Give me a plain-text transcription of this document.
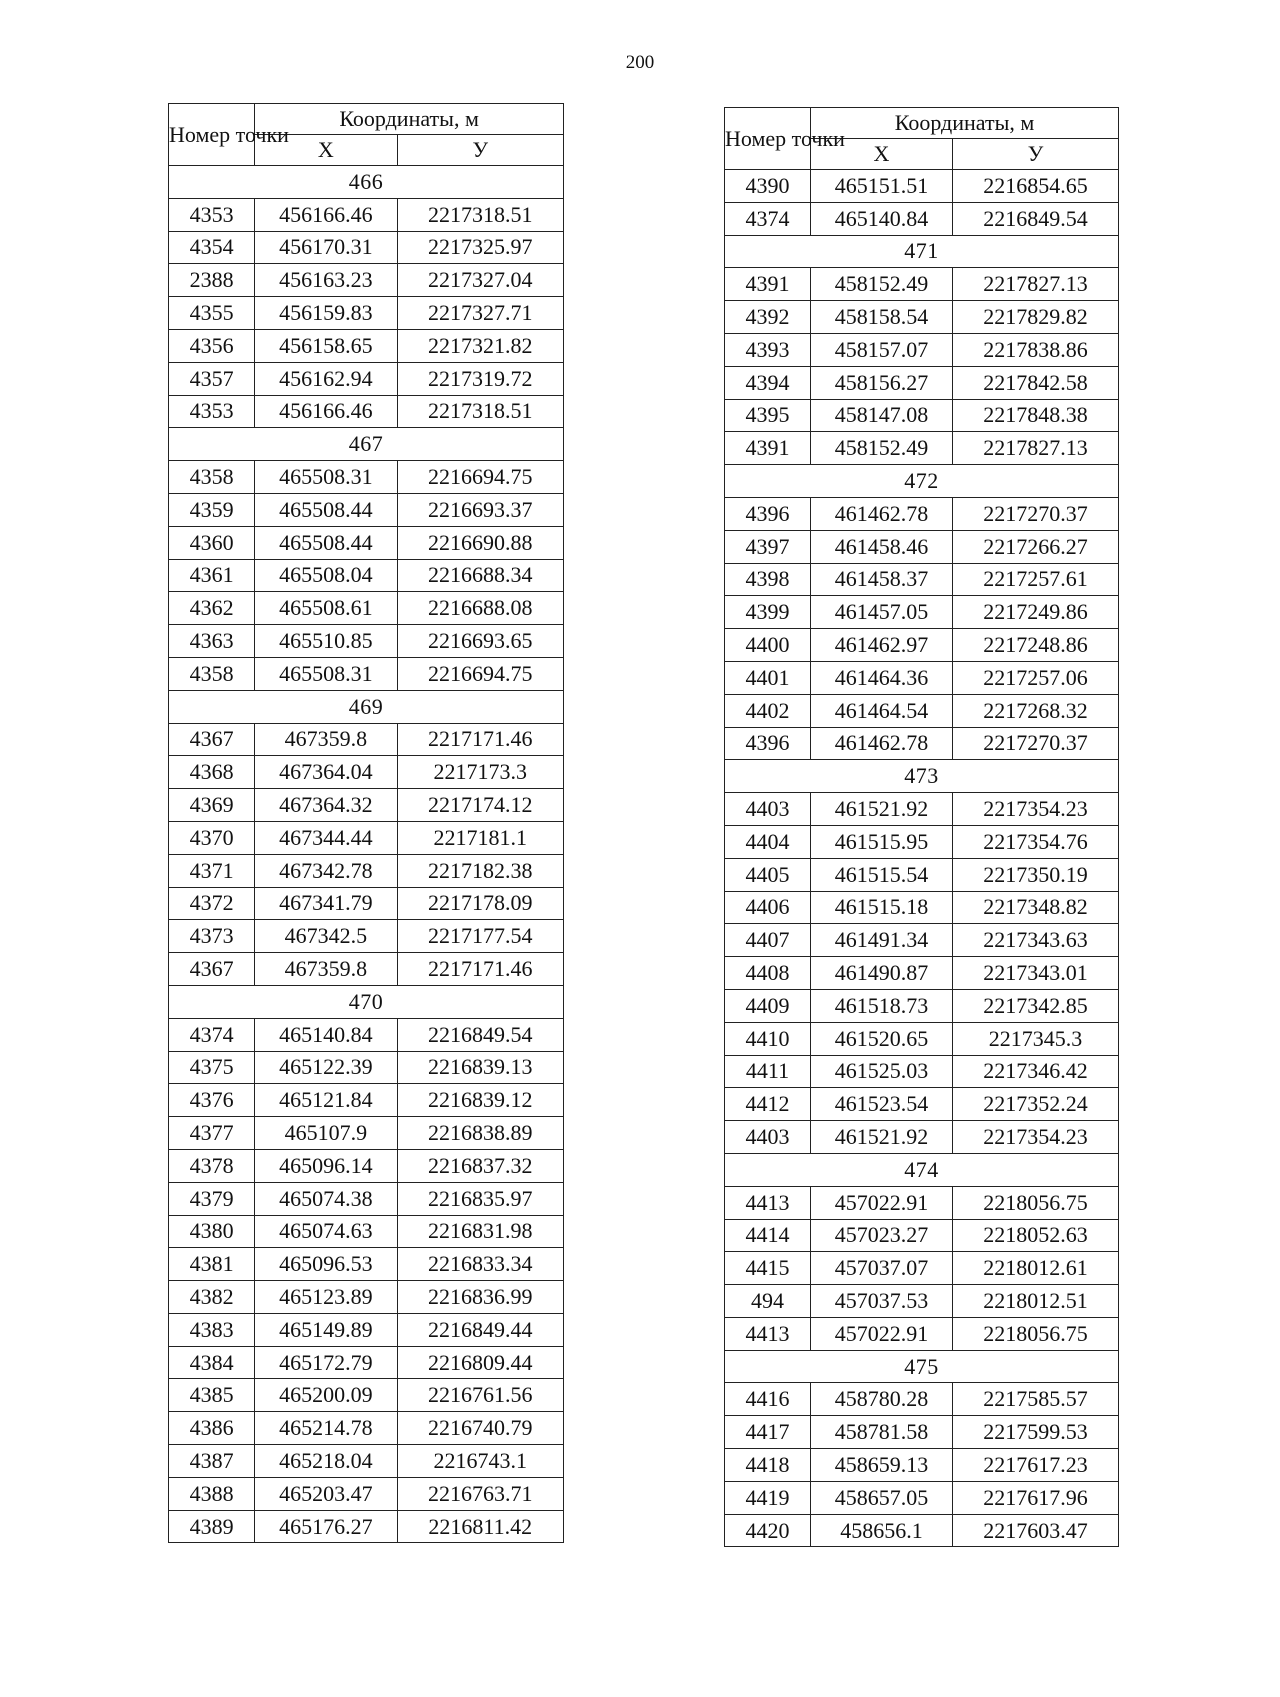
200
Номер точки	Координаты, м	
	Х	У
466		
4353	456166.46	2217318.51
4354	456170.31	2217325.97
2388	456163.23	2217327.04
4355	456159.83	2217327.71
4356	456158.65	2217321.82
4357	456162.94	2217319.72
4353	456166.46	2217318.51
467		
4358	465508.31	2216694.75
4359	465508.44	2216693.37
4360	465508.44	2216690.88
4361	465508.04	2216688.34
4362	465508.61	2216688.08
4363	465510.85	2216693.65
4358	465508.31	2216694.75
469		
4367	467359.8	2217171.46
4368	467364.04	2217173.3
4369	467364.32	2217174.12
4370	467344.44	2217181.1
4371	467342.78	2217182.38
4372	467341.79	2217178.09
4373	467342.5	2217177.54
4367	467359.8	2217171.46
470		
4374	465140.84	2216849.54
4375	465122.39	2216839.13
4376	465121.84	2216839.12
4377	465107.9	2216838.89
4378	465096.14	2216837.32
4379	465074.38	2216835.97
4380	465074.63	2216831.98
4381	465096.53	2216833.34
4382	465123.89	2216836.99
4383	465149.89	2216849.44
4384	465172.79	2216809.44
4385	465200.09	2216761.56
4386	465214.78	2216740.79
4387	465218.04	2216743.1
4388	465203.47	2216763.71
4389	465176.27	2216811.42
Номер точки	Координаты, м	
	Х	У
4390	465151.51	2216854.65
4374	465140.84	2216849.54
471		
4391	458152.49	2217827.13
4392	458158.54	2217829.82
4393	458157.07	2217838.86
4394	458156.27	2217842.58
4395	458147.08	2217848.38
4391	458152.49	2217827.13
472		
4396	461462.78	2217270.37
4397	461458.46	2217266.27
4398	461458.37	2217257.61
4399	461457.05	2217249.86
4400	461462.97	2217248.86
4401	461464.36	2217257.06
4402	461464.54	2217268.32
4396	461462.78	2217270.37
473		
4403	461521.92	2217354.23
4404	461515.95	2217354.76
4405	461515.54	2217350.19
4406	461515.18	2217348.82
4407	461491.34	2217343.63
4408	461490.87	2217343.01
4409	461518.73	2217342.85
4410	461520.65	2217345.3
4411	461525.03	2217346.42
4412	461523.54	2217352.24
4403	461521.92	2217354.23
474		
4413	457022.91	2218056.75
4414	457023.27	2218052.63
4415	457037.07	2218012.61
494	457037.53	2218012.51
4413	457022.91	2218056.75
475		
4416	458780.28	2217585.57
4417	458781.58	2217599.53
4418	458659.13	2217617.23
4419	458657.05	2217617.96
4420	458656.1	2217603.47
